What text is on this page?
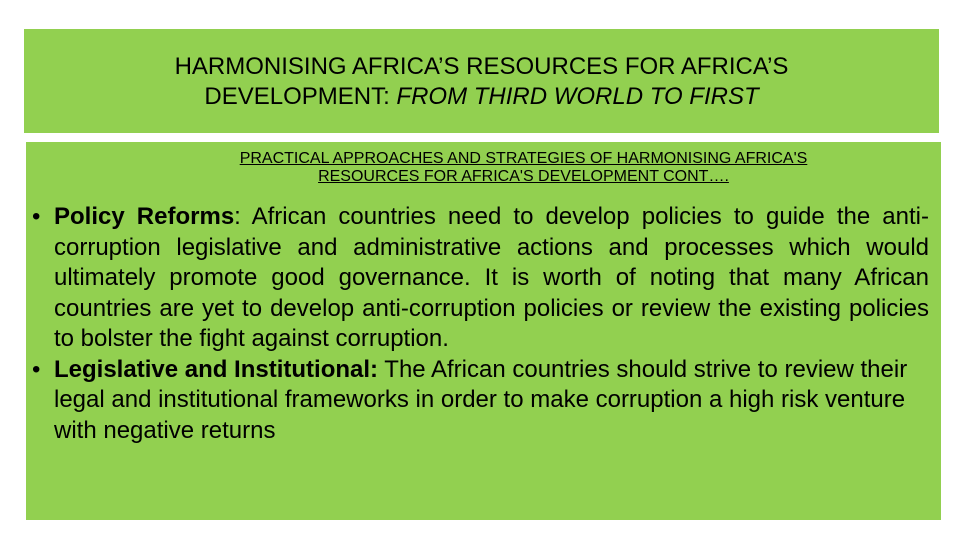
HARMONISING AFRICA’S RESOURCES FOR AFRICA’S
DEVELOPMENT: FROM THIRD WORLD TO FIRST
PRACTICAL APPROACHES AND STRATEGIES OF HARMONISING AFRICA'S
RESOURCES FOR AFRICA'S DEVELOPMENT CONT….
• Policy Reforms: African countries need to develop policies to guide the anti-corruption legislative and administrative actions and processes which would ultimately promote good governance. It is worth of noting that many African countries are yet to develop anti-corruption policies or review the existing policies to bolster the fight against corruption.
• Legislative and Institutional: The African countries should strive to review their legal and institutional frameworks in order to make corruption a high risk venture with negative returns
